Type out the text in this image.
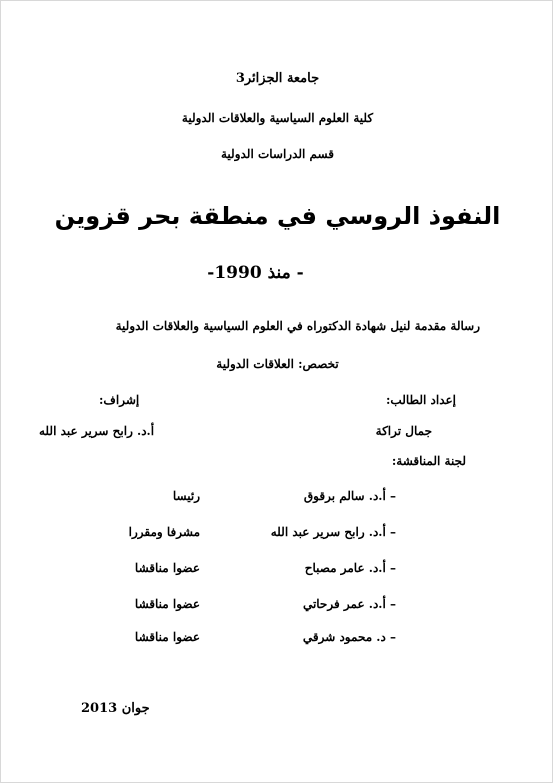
جامعة الجزائر3
كلية العلوم السياسية والعلاقات الدولية
قسم الدراسات الدولية
النفوذ الروسي في منطقة بحر قزوين
- منذ 1990-
رسالة مقدمة لنيل شهادة الدكتوراه في العلوم السياسية والعلاقات الدولية
تخصص: العلاقات الدولية
إعداد الطالب:
إشراف:
جمال تراكة
أ.د. رابح سرير عبد الله
لجنة المناقشة:
– أ.د. سالم برقوق
رئيسا
– أ.د. رابح سرير عبد الله
مشرفا ومقررا
– أ.د. عامر مصباح
عضوا مناقشا
– أ.د. عمر فرحاتي
عضوا مناقشا
– د. محمود شرقي
عضوا مناقشا
جوان 2013
